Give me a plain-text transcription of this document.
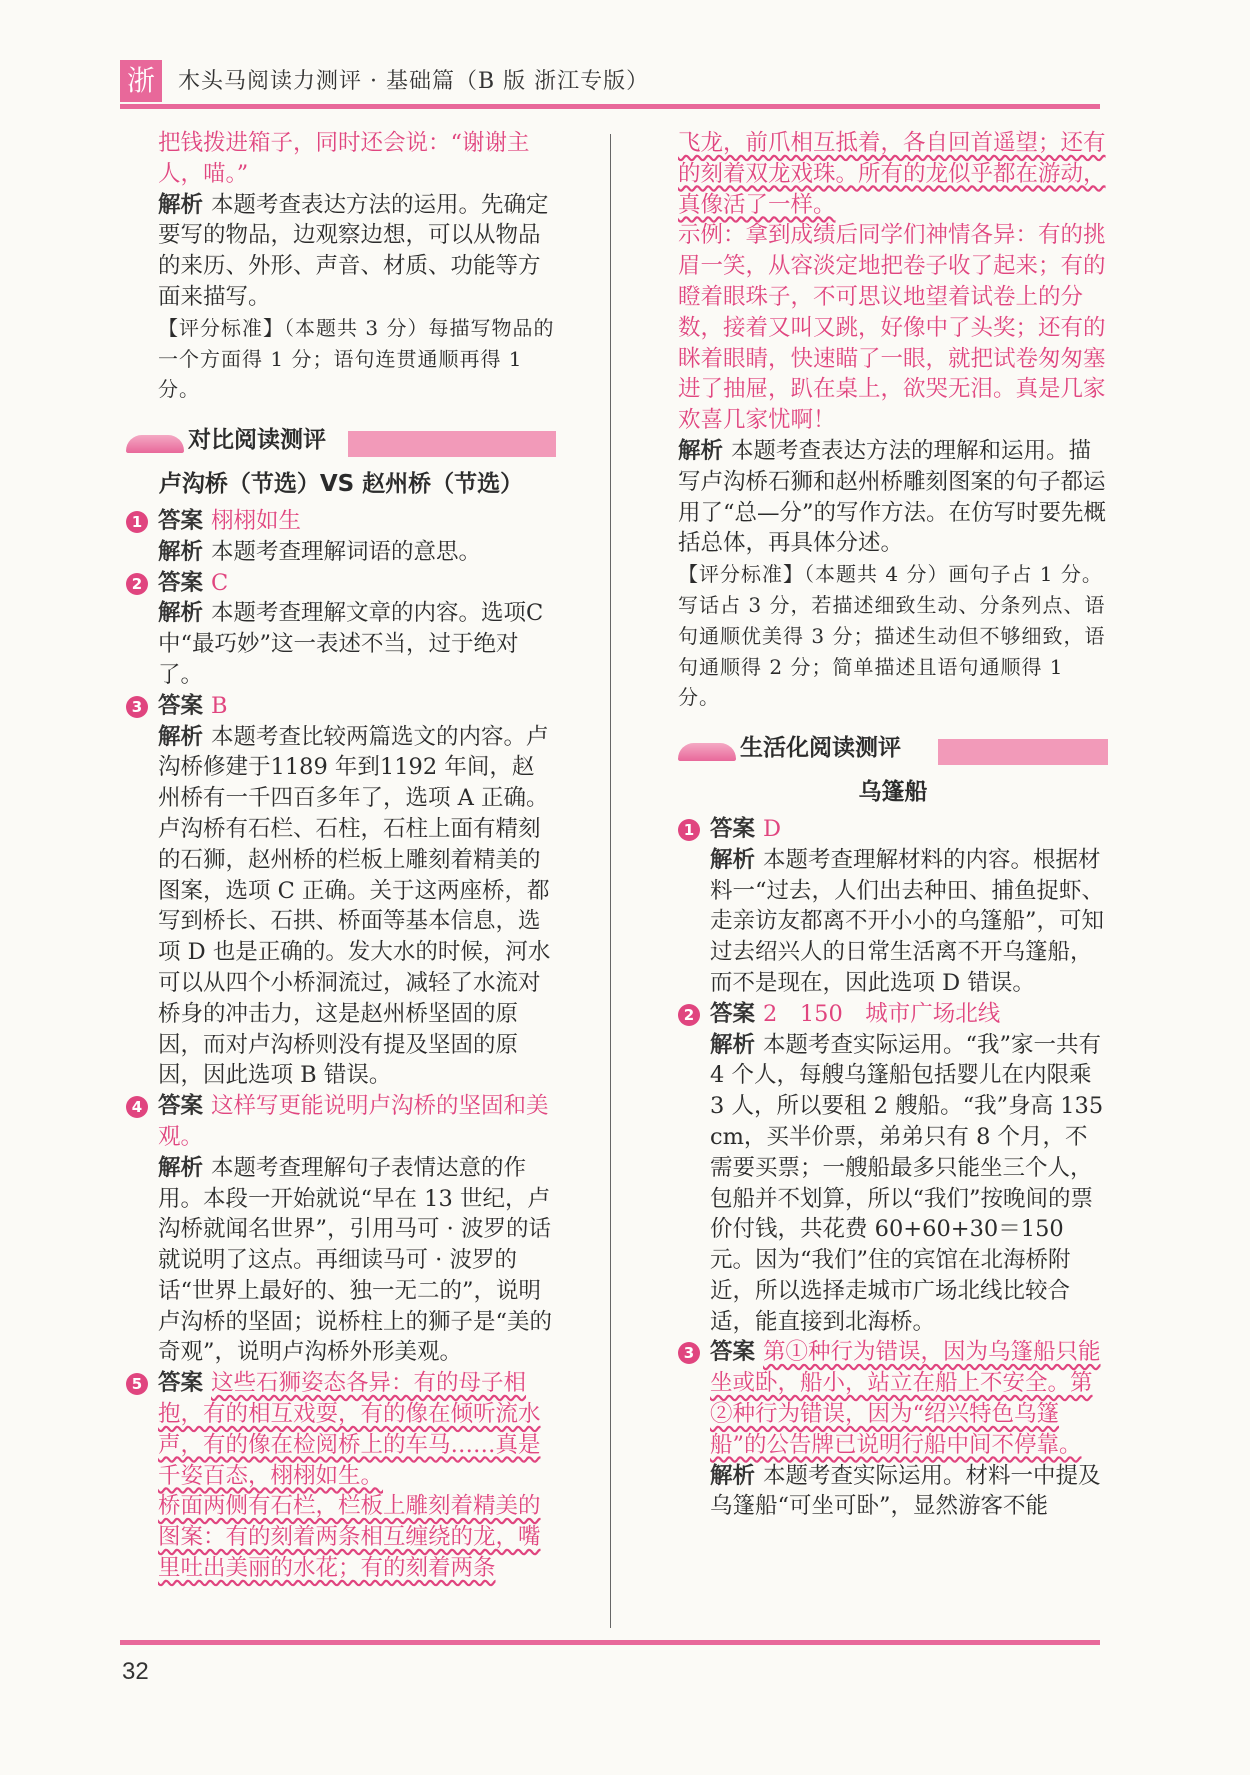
浙	木头马阅读力测评 · 基础篇（B 版 浙江专版）
把钱拨进箱子，同时还会说：“谢谢主人，喵。”
解析 本题考查表达方法的运用。先确定要写的物品，边观察边想，可以从物品的来历、外形、声音、材质、功能等方面来描写。
【评分标准】（本题共 3 分）每描写物品的一个方面得 1 分；语句连贯通顺再得 1 分。
对比阅读测评
卢沟桥（节选）VS 赵州桥（节选）
1 答案 栩栩如生
解析 本题考查理解词语的意思。
2 答案 C
解析 本题考查理解文章的内容。选项C 中“最巧妙”这一表述不当，过于绝对了。
3 答案 B
解析 本题考查比较两篇选文的内容。卢沟桥修建于1189 年到1192 年间，赵州桥有一千四百多年了，选项 A 正确。卢沟桥有石栏、石柱，石柱上面有精刻的石狮，赵州桥的栏板上雕刻着精美的图案，选项 C 正确。关于这两座桥，都写到桥长、石拱、桥面等基本信息，选项 D 也是正确的。发大水的时候，河水可以从四个小桥洞流过，减轻了水流对桥身的冲击力，这是赵州桥坚固的原因，而对卢沟桥则没有提及坚固的原因，因此选项 B 错误。
4 答案 这样写更能说明卢沟桥的坚固和美观。
解析 本题考查理解句子表情达意的作用。本段一开始就说“早在 13 世纪，卢沟桥就闻名世界”，引用马可 · 波罗的话就说明了这点。再细读马可 · 波罗的话“世界上最好的、独一无二的”，说明卢沟桥的坚固；说桥柱上的狮子是“美的奇观”，说明卢沟桥外形美观。
5 答案 这些石狮姿态各异：有的母子相抱，有的相互戏耍，有的像在倾听流水声，有的像在检阅桥上的车马……真是千姿百态，栩栩如生。
桥面两侧有石栏，栏板上雕刻着精美的图案：有的刻着两条相互缠绕的龙，嘴里吐出美丽的水花；有的刻着两条
飞龙，前爪相互抵着，各自回首遥望；还有的刻着双龙戏珠。所有的龙似乎都在游动，真像活了一样。
示例：拿到成绩后同学们神情各异：有的挑眉一笑，从容淡定地把卷子收了起来；有的瞪着眼珠子，不可思议地望着试卷上的分数，接着又叫又跳，好像中了头奖；还有的眯着眼睛，快速瞄了一眼，就把试卷匆匆塞进了抽屉，趴在桌上，欲哭无泪。真是几家欢喜几家忧啊！
解析 本题考查表达方法的理解和运用。描写卢沟桥石狮和赵州桥雕刻图案的句子都运用了“总—分”的写作方法。在仿写时要先概括总体，再具体分述。
【评分标准】（本题共 4 分）画句子占 1 分。写话占 3 分，若描述细致生动、分条列点、语句通顺优美得 3 分；描述生动但不够细致，语句通顺得 2 分；简单描述且语句通顺得 1 分。
生活化阅读测评
乌篷船
1 答案 D
解析 本题考查理解材料的内容。根据材料一“过去，人们出去种田、捕鱼捉虾、走亲访友都离不开小小的乌篷船”，可知过去绍兴人的日常生活离不开乌篷船，而不是现在，因此选项 D 错误。
2 答案 2　150　城市广场北线
解析 本题考查实际运用。“我”家一共有 4 个人，每艘乌篷船包括婴儿在内限乘 3 人，所以要租 2 艘船。“我”身高 135 cm，买半价票，弟弟只有 8 个月，不需要买票；一艘船最多只能坐三个人，包船并不划算，所以“我们”按晚间的票价付钱，共花费 60+60+30＝150 元。因为“我们”住的宾馆在北海桥附近，所以选择走城市广场北线比较合适，能直接到北海桥。
3 答案 第①种行为错误，因为乌篷船只能坐或卧，船小，站立在船上不安全。第②种行为错误，因为“绍兴特色乌篷船”的公告牌已说明行船中间不停靠。
解析 本题考查实际运用。材料一中提及乌篷船“可坐可卧”，显然游客不能
32
